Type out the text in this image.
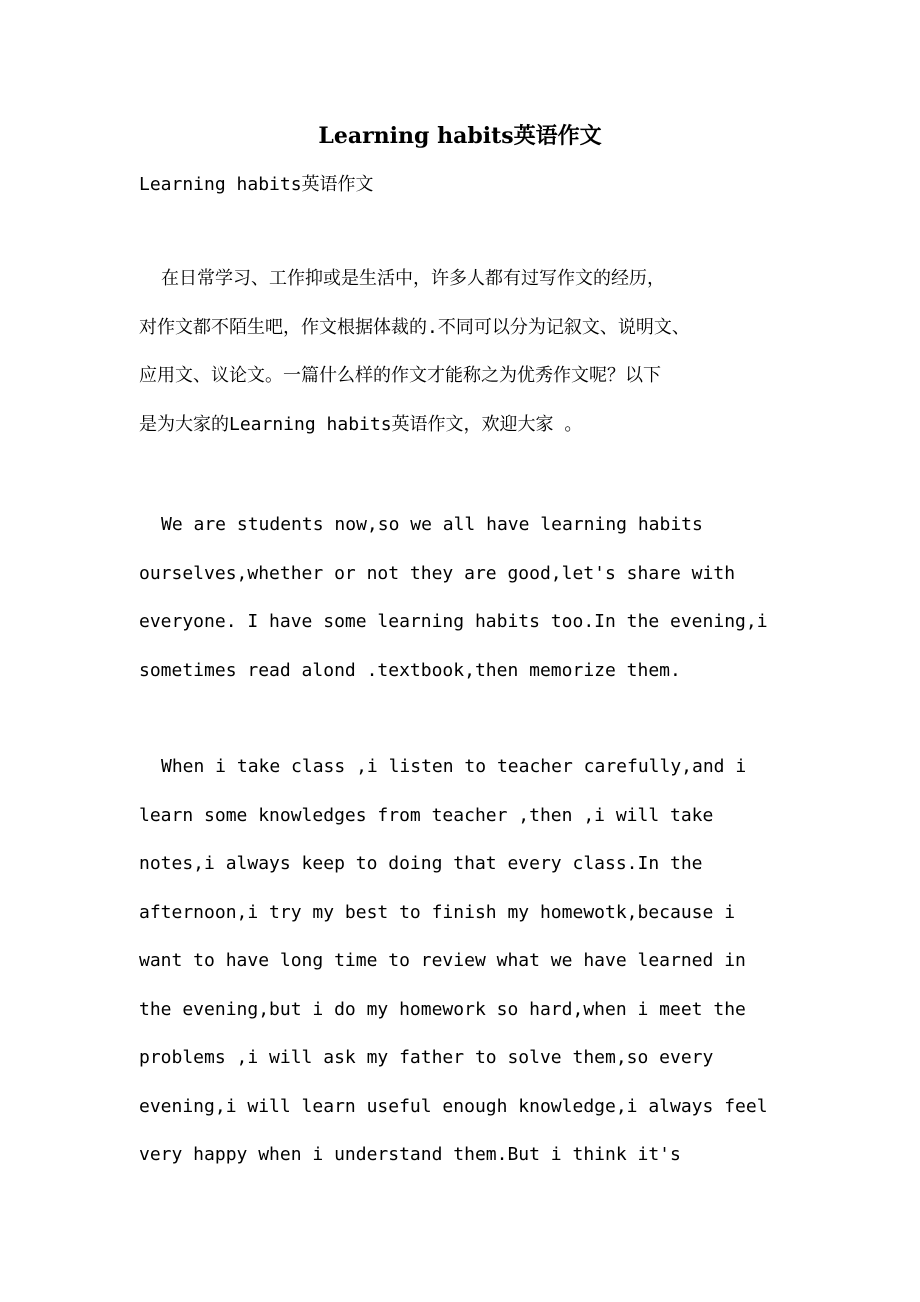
Learning habits英语作文

Learning habits英语作文

在日常学习、工作抑或是生活中，许多人都有过写作文的经历，
对作文都不陌生吧，作文根据体裁的.不同可以分为记叙文、说明文、
应用文、议论文。一篇什么样的作文才能称之为优秀作文呢？以下
是为大家的Learning habits英语作文，欢迎大家 。
We are students now,so we all have learning habits
ourselves,whether or not they are good,let's share with
everyone. I have some learning habits too.In the evening,i
sometimes read alond .textbook,then memorize them.
When i take class ,i listen to teacher carefully,and i
learn some knowledges from teacher ,then ,i will take
notes,i always keep to doing that every class.In the
afternoon,i try my best to finish my homewotk,because i
want to have long time to review what we have learned in
the evening,but i do my homework so hard,when i meet the
problems ,i will ask my father to solve them,so every
evening,i will learn useful enough knowledge,i always feel
very happy when i understand them.But i think it's
